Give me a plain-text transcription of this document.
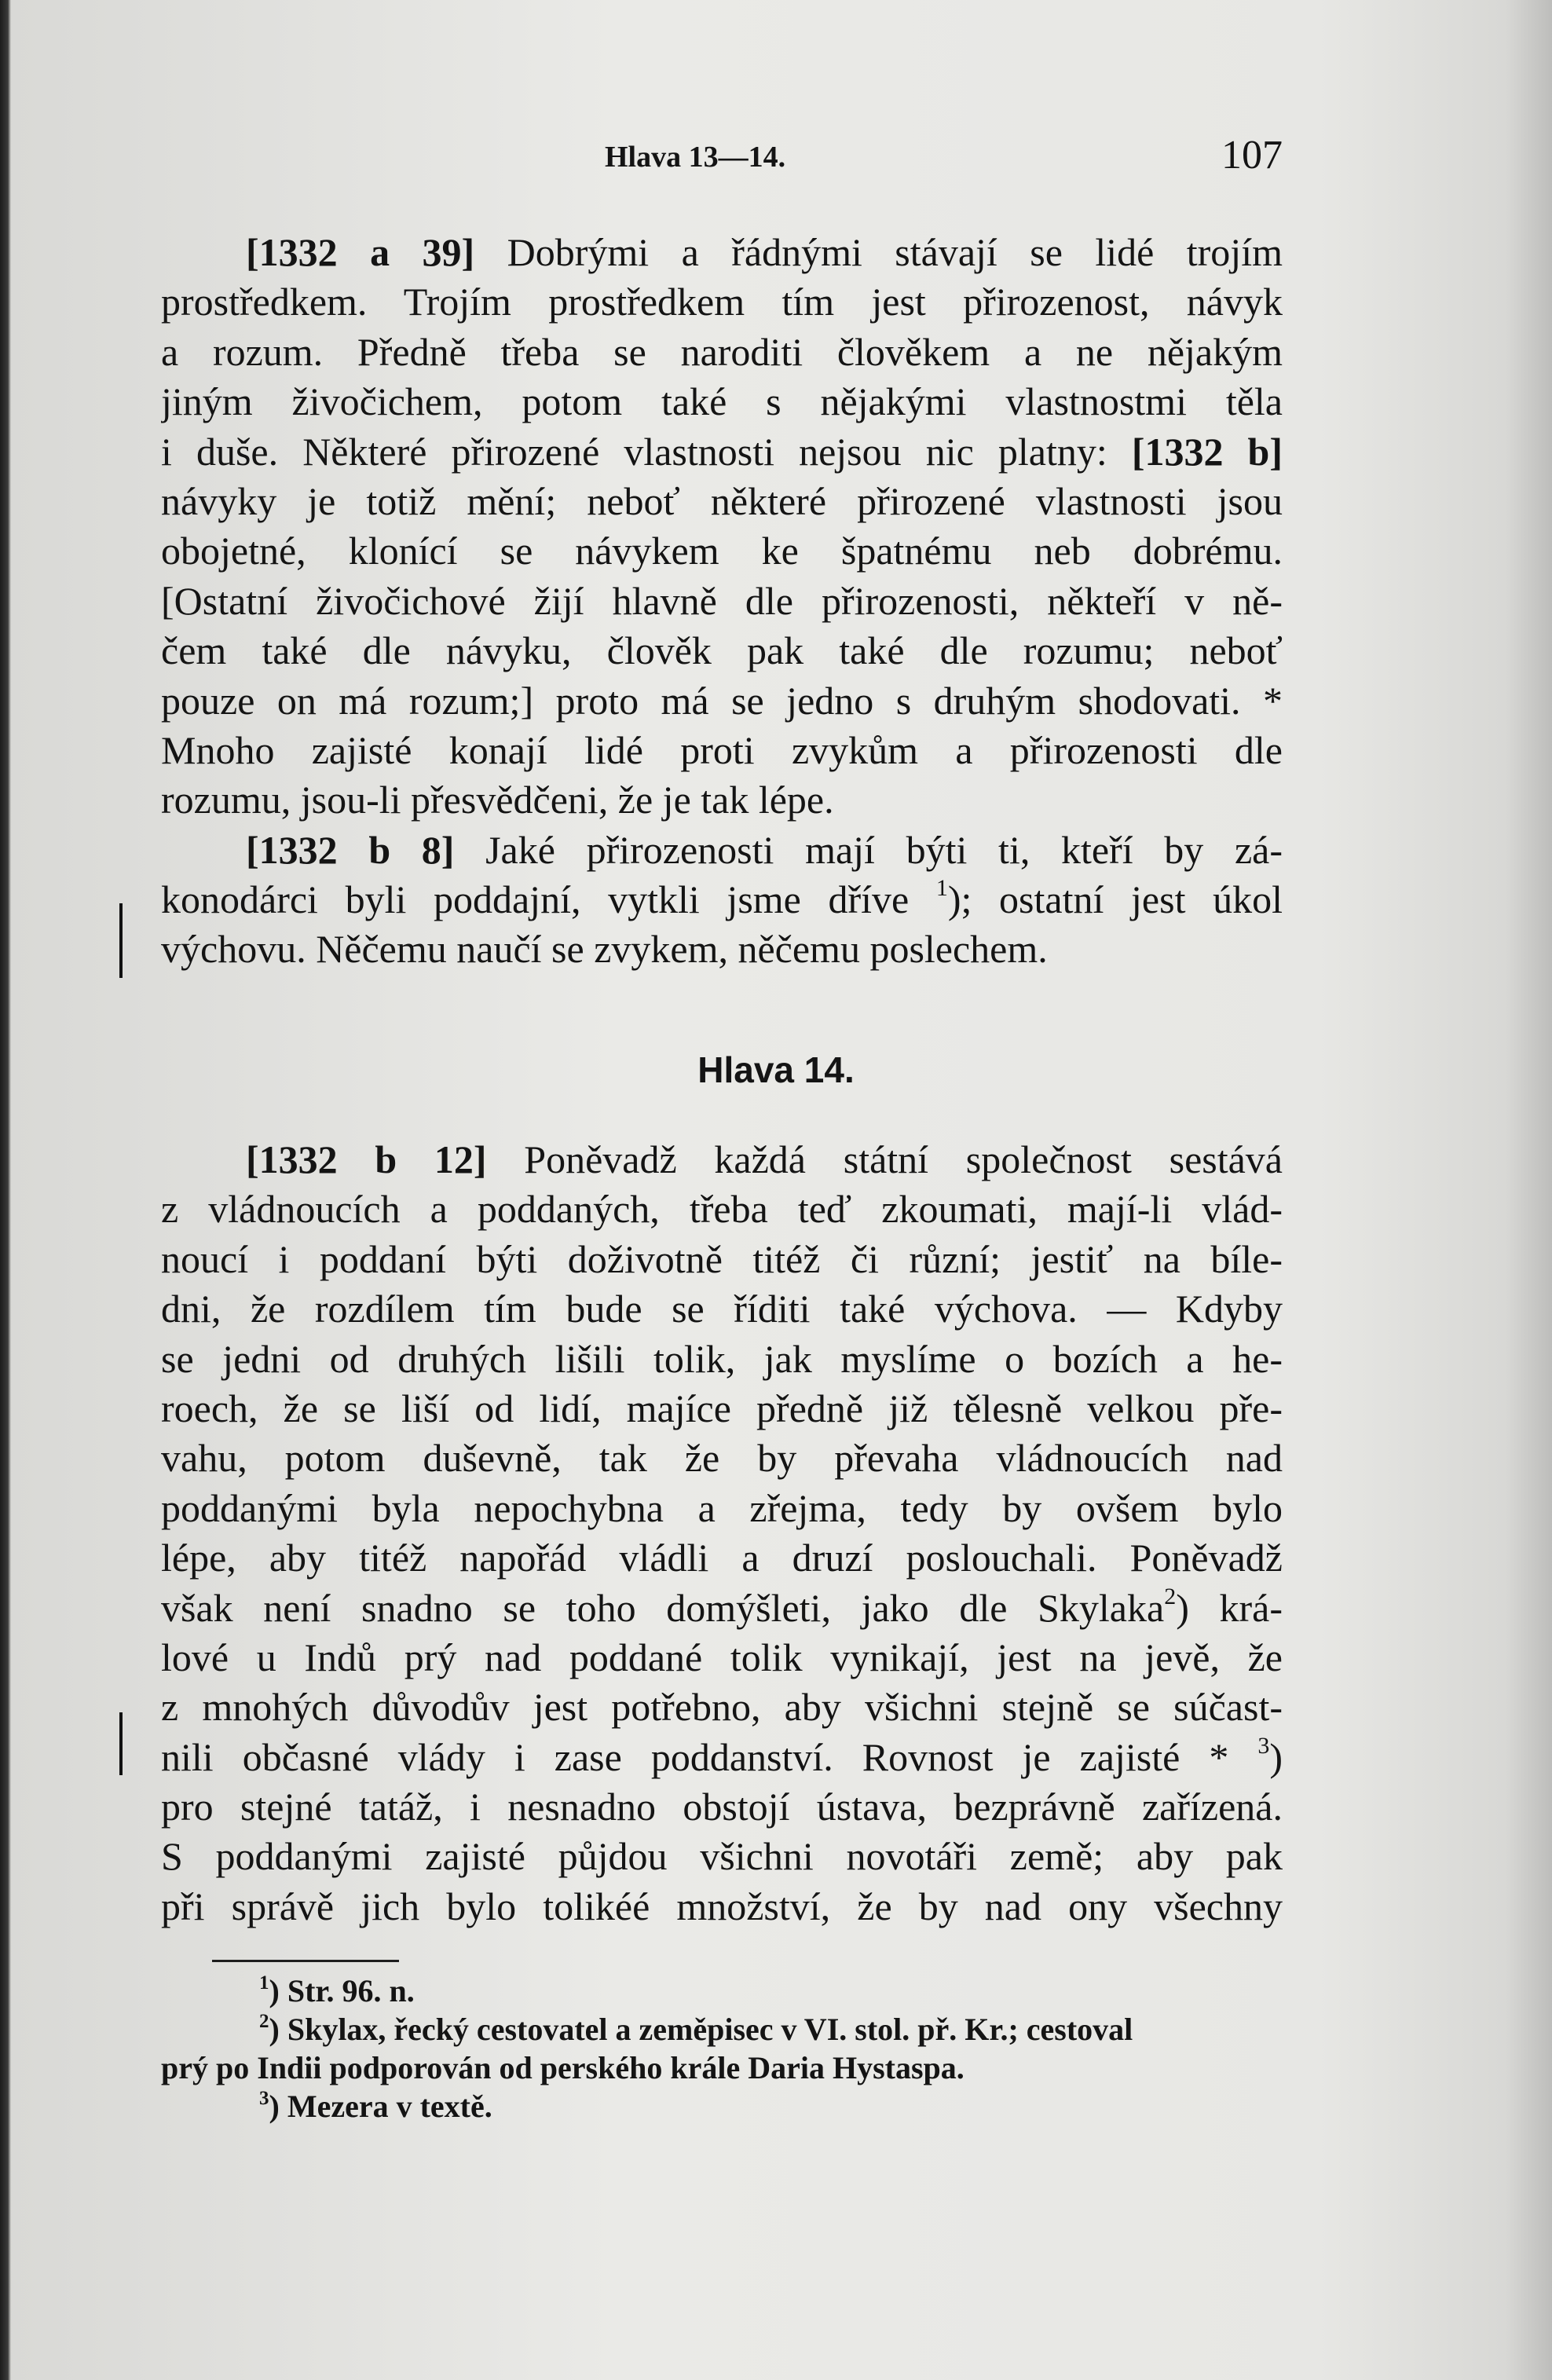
Hlava 13—14.	107
[1332 a 39] Dobrými a řádnými stávají se lidé trojím
prostředkem. Trojím prostředkem tím jest přirozenost, návyk
a rozum. Předně třeba se naroditi člověkem a ne nějakým
jiným živočichem, potom také s nějakými vlastnostmi těla
i duše. Některé přirozené vlastnosti nejsou nic platny: [1332 b]
návyky je totiž mění; neboť některé přirozené vlastnosti jsou
obojetné, klonící se návykem ke špatnému neb dobrému.
[Ostatní živočichové žijí hlavně dle přirozenosti, někteří v ně-
čem také dle návyku, člověk pak také dle rozumu; neboť
pouze on má rozum;] proto má se jedno s druhým shodovati. *
Mnoho zajisté konají lidé proti zvykům a přirozenosti dle
rozumu, jsou-li přesvědčeni, že je tak lépe.
[1332 b 8] Jaké přirozenosti mají býti ti, kteří by zá-
konodárci byli poddajní, vytkli jsme dříve $^1$); ostatní jest úkol
výchovu. Něčemu naučí se zvykem, něčemu poslechem.
Hlava 14.
[1332 b 12] Poněvadž každá státní společnost sestává
z vládnoucích a poddaných, třeba teď zkoumati, mají-li vlád-
noucí i poddaní býti doživotně titéž či různí; jestiť na bíle-
dni, že rozdílem tím bude se říditi také výchova. — Kdyby
se jedni od druhých lišili tolik, jak myslíme o bozích a he-
roech, že se liší od lidí, majíce předně již tělesně velkou pře-
vahu, potom duševně, tak že by převaha vládnoucích nad
poddanými byla nepochybna a zřejma, tedy by ovšem bylo
lépe, aby titéž napořád vládli a druzí poslouchali. Poněvadž
však není snadno se toho domýšleti, jako dle Skylaka$^2$) krá-
lové u Indů prý nad poddané tolik vynikají, jest na jevě, že
z mnohých důvodův jest potřebno, aby všichni stejně se súčast-
nili občasné vlády i zase poddanství. Rovnost je zajisté * $^3$)
pro stejné tatáž, i nesnadno obstojí ústava, bezprávně zařízená.
S poddanými zajisté půjdou všichni novotáři země; aby pak
při správě jich bylo tolikéé množství, že by nad ony všechny
$^1$) Str. 96. n.
$^2$) Skylax, řecký cestovatel a zeměpisec v VI. stol. př. Kr.; cestoval
prý po Indii podporován od perského krále Daria Hystaspa.
$^3$) Mezera v textě.
